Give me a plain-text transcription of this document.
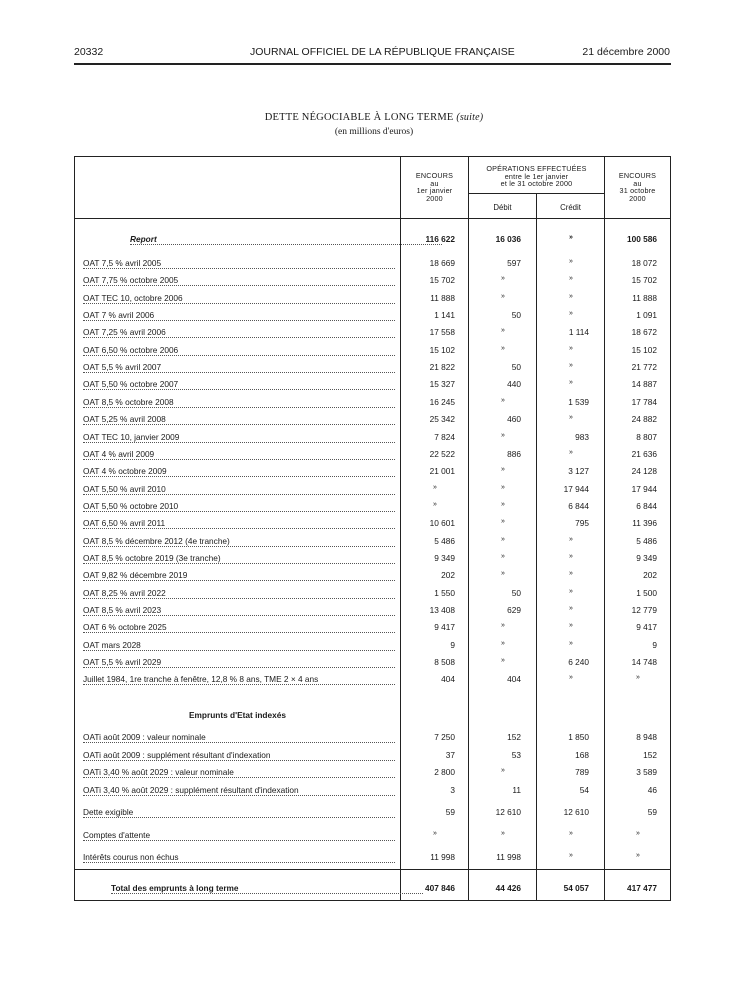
20332	JOURNAL OFFICIEL DE LA RÉPUBLIQUE FRANÇAISE	21 décembre 2000
DETTE NÉGOCIABLE À LONG TERME (suite)
(en millions d'euros)
ENCOURS
au
1er janvier
2000
OPÉRATIONS EFFECTUÉES
entre le 1er janvier
et le 31 octobre 2000
ENCOURS
au
31 octobre
2000
Débit	Crédit
Report	116 622	16 036	»	100 586
OAT 7,5 % avril 2005	18 669	597	»	18 072
OAT 7,75 % octobre 2005	15 702	»	»	15 702
OAT TEC 10, octobre 2006	11 888	»	»	11 888
OAT 7 % avril 2006	1 141	50	»	1 091
OAT 7,25 % avril 2006	17 558	»	1 114	18 672
OAT 6,50 % octobre 2006	15 102	»	»	15 102
OAT 5,5 % avril 2007	21 822	50	»	21 772
OAT 5,50 % octobre 2007	15 327	440	»	14 887
OAT 8,5 % octobre 2008	16 245	»	1 539	17 784
OAT 5,25 % avril 2008	25 342	460	»	24 882
OAT TEC 10, janvier 2009	7 824	»	983	8 807
OAT 4 % avril 2009	22 522	886	»	21 636
OAT 4 % octobre 2009	21 001	»	3 127	24 128
OAT 5,50 % avril 2010	»	»	17 944	17 944
OAT 5,50 % octobre 2010	»	»	6 844	6 844
OAT 6,50 % avril 2011	10 601	»	795	11 396
OAT 8,5 % décembre 2012 (4e tranche)	5 486	»	»	5 486
OAT 8,5 % octobre 2019 (3e tranche)	9 349	»	»	9 349
OAT 9,82 % décembre 2019	202	»	»	202
OAT 8,25 % avril 2022	1 550	50	»	1 500
OAT 8,5 % avril 2023	13 408	629	»	12 779
OAT 6 % octobre 2025	9 417	»	»	9 417
OAT mars 2028	9	»	»	9
OAT 5,5 % avril 2029	8 508	»	6 240	14 748
Juillet 1984, 1re tranche à fenêtre, 12,8 % 8 ans, TME 2 × 4 ans	404	404	»	»
Emprunts d'Etat indexés
OATi août 2009 : valeur nominale	7 250	152	1 850	8 948
OATi août 2009 : supplément résultant d'indexation	37	53	168	152
OATi 3,40 % août 2029 : valeur nominale	2 800	»	789	3 589
OATi 3,40 % août 2029 : supplément résultant d'indexation	3	11	54	46
Dette exigible	59	12 610	12 610	59
Comptes d'attente	»	»	»	»
Intérêts courus non échus	11 998	11 998	»	»
Total des emprunts à long terme	407 846	44 426	54 057	417 477
